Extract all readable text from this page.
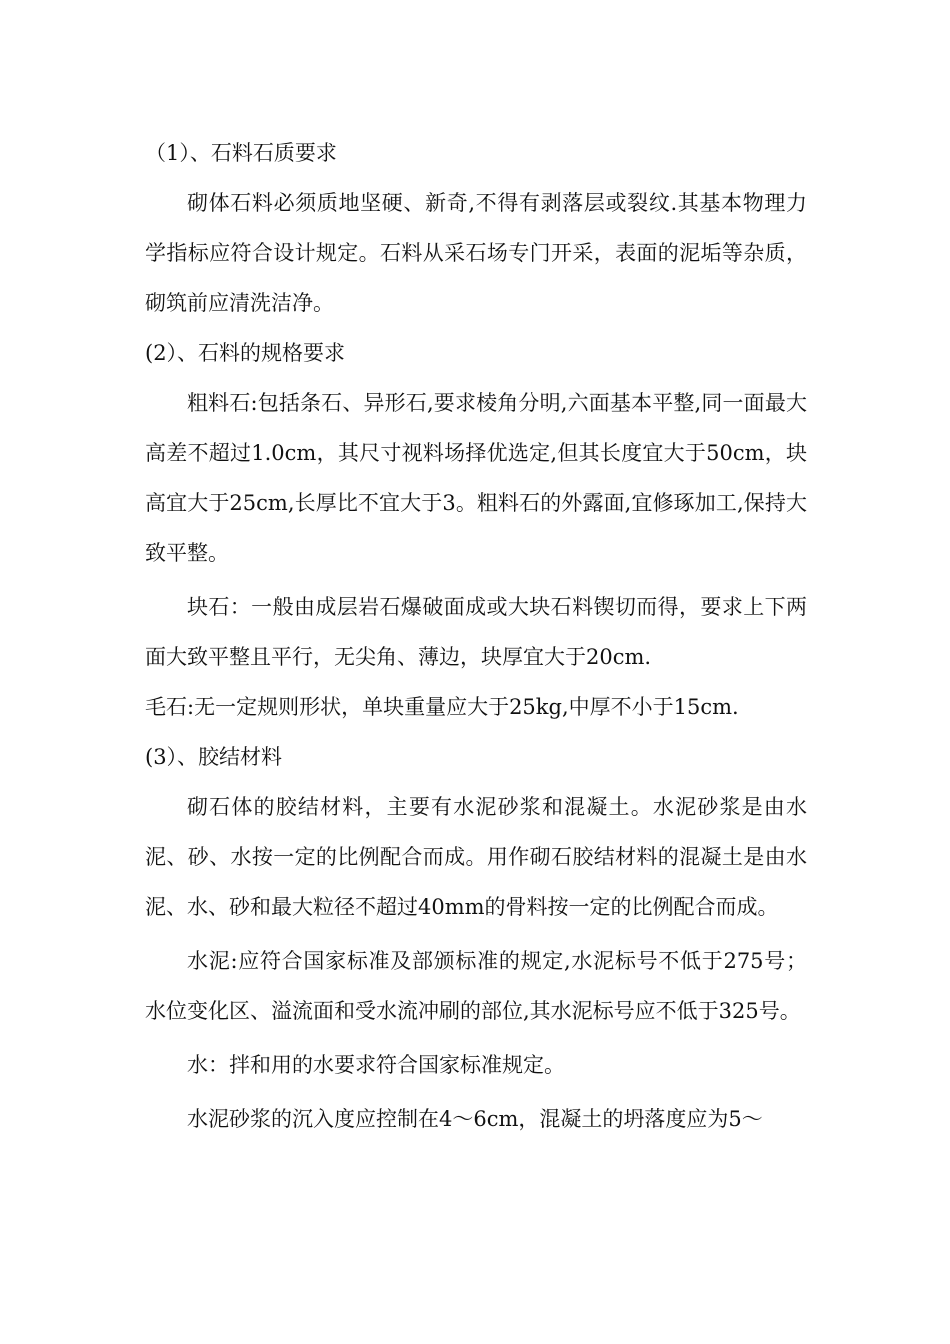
（1）、石料石质要求

砌体石料必须质地坚硬、新奇,不得有剥落层或裂纹.其基本物理力学指标应符合设计规定。石料从采石场专门开采，表面的泥垢等杂质，砌筑前应清洗洁净。

(2）、石料的规格要求

粗料石:包括条石、异形石,要求棱角分明,六面基本平整,同一面最大高差不超过1.0cm，其尺寸视料场择优选定,但其长度宜大于50cm，块高宜大于25cm,长厚比不宜大于3。粗料石的外露面,宜修琢加工,保持大致平整。

块石：一般由成层岩石爆破面成或大块石料锲切而得，要求上下两面大致平整且平行，无尖角、薄边，块厚宜大于20cm.

毛石:无一定规则形状，单块重量应大于25kg,中厚不小于15cm.

(3）、胶结材料

砌石体的胶结材料，主要有水泥砂浆和混凝土。水泥砂浆是由水泥、砂、水按一定的比例配合而成。用作砌石胶结材料的混凝土是由水泥、水、砂和最大粒径不超过40mm的骨料按一定的比例配合而成。

水泥:应符合国家标准及部颁标准的规定,水泥标号不低于275号；水位变化区、溢流面和受水流冲刷的部位,其水泥标号应不低于325号。

水：拌和用的水要求符合国家标准规定。

水泥砂浆的沉入度应控制在4～6cm，混凝土的坍落度应为5～
